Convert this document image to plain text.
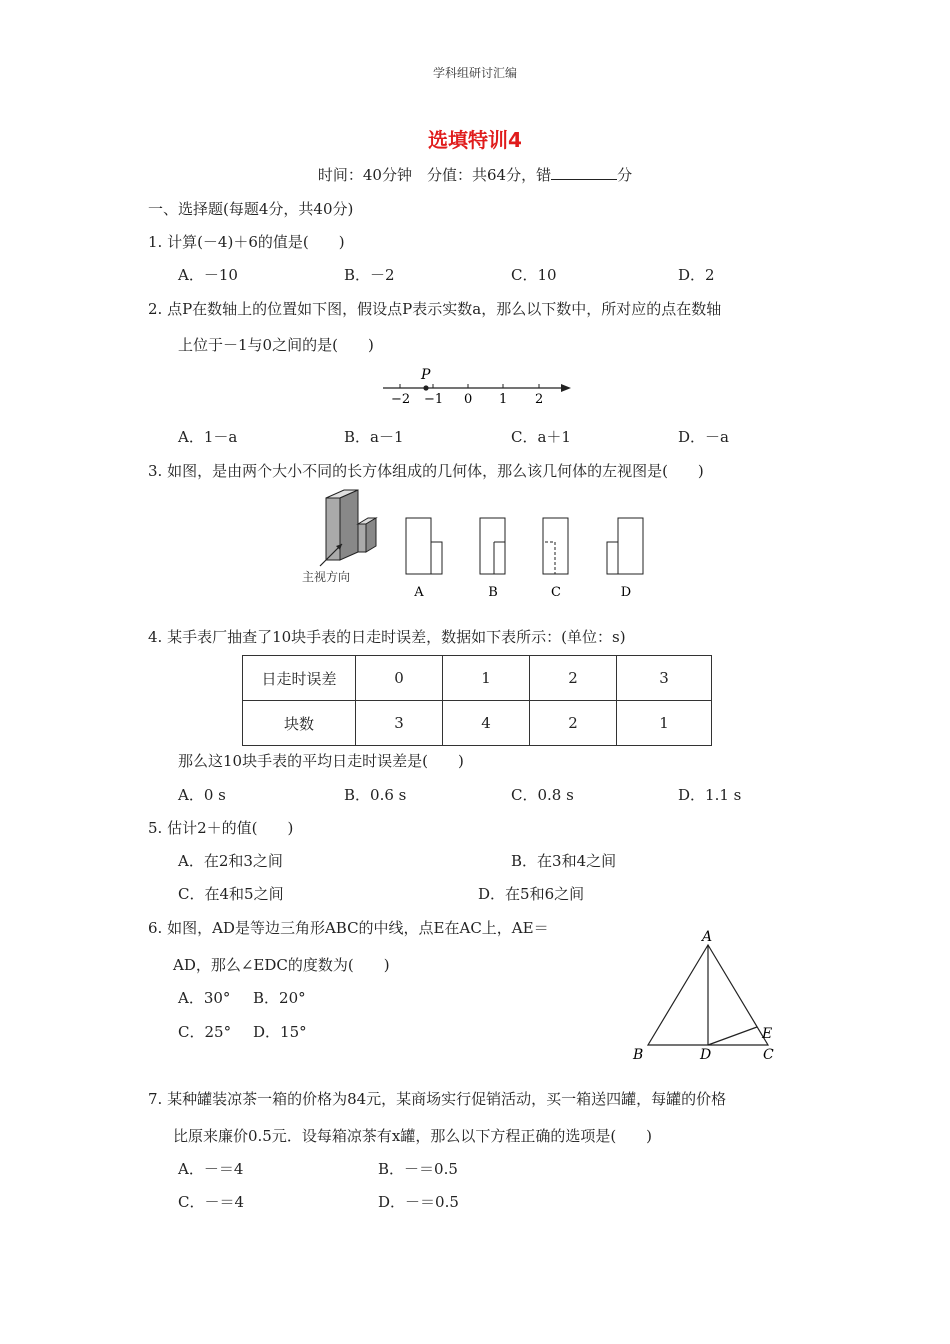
学科组研讨汇编
选填特训4
时间：40分钟　分值：共64分，错	分
一、选择题(每题4分，共40分)
1. 计算(－4)＋6的值是(　　)
A．－10	B．－2	C．10	D．2
2. 点P在数轴上的位置如下图，假设点P表示实数a，那么以下数中，所对应的点在数轴
上位于－1与0之间的是(　　)
P
−2 −1 0 1 2
A．1－a	B．a－1	C．a＋1	D．－a
3. 如图，是由两个大小不同的长方体组成的几何体，那么该几何体的左视图是(　　)
主视方向
A	B	C	D
4. 某手表厂抽查了10块手表的日走时误差，数据如下表所示：(单位：s)
日走时误差	0	1	2	3
块数	3	4	2	1
那么这10块手表的平均日走时误差是(　　)
A．0 s	B．0.6 s	C．0.8 s	D．1.1 s
5. 估计2＋的值(　　)
A．在2和3之间	B．在3和4之间
C．在4和5之间	D．在5和6之间
6. 如图，AD是等边三角形ABC的中线，点E在AC上，AE＝
AD，那么∠EDC的度数为(　　)
A．30° B．20°
C．25° D．15°
A
B	D	C
E
7. 某种罐装凉茶一箱的价格为84元，某商场实行促销活动，买一箱送四罐，每罐的价格
比原来廉价0.5元．设每箱凉茶有x罐，那么以下方程正确的选项是(　　)
A．－＝4	B．－＝0.5
C．－＝4	D．－＝0.5
